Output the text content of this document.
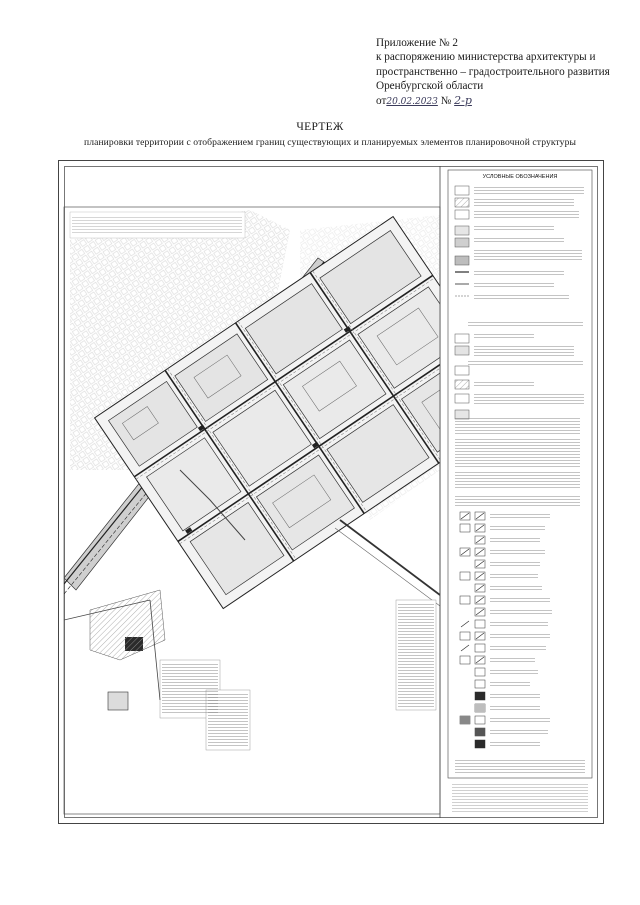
Приложение № 2
к распоряжению министерства архитектуры и
пространственно – градостроительного развития
Оренбургской области
от20.02.2023 № 2-р
ЧЕРТЕЖ
планировки территории с отображением границ существующих и планируемых элементов планировочной структуры
УСЛОВНЫЕ ОБОЗНАЧЕНИЯ
